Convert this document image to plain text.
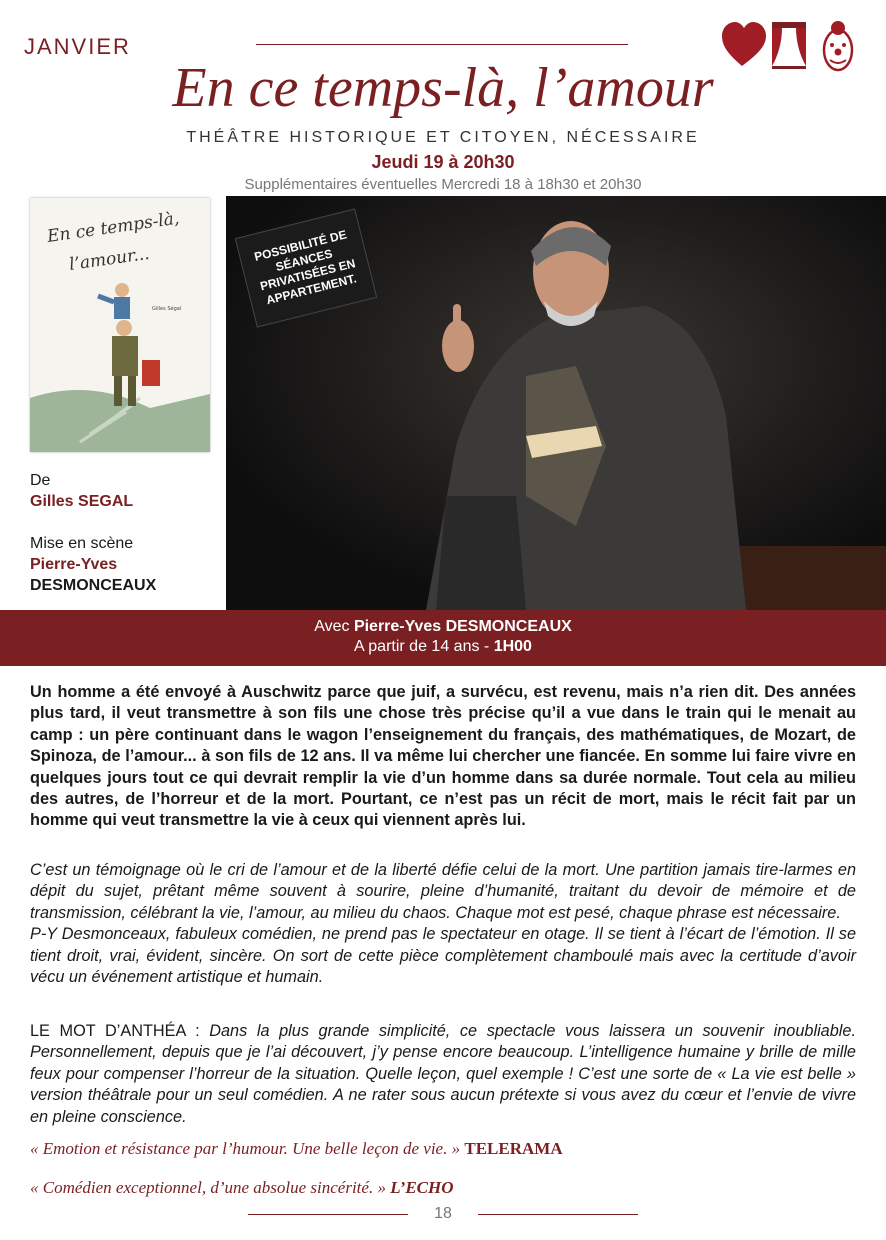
JANVIER
En ce temps-là, l’amour
THÉÂTRE HISTORIQUE ET CITOYEN, NÉCESSAIRE
Jeudi 19 à 20h30
Supplémentaires éventuelles Mercredi 18 à 18h30 et 20h30
En ce temps-là,
l’amour...
Gilles Ségal
De
Gilles SEGAL
Mise en scène
Pierre-Yves
DESMONCEAUX
POSSIBILITÉ DE SÉANCES PRIVATISÉES EN APPARTEMENT.
Avec Pierre-Yves DESMONCEAUX
A partir de 14 ans - 1H00
Un homme a été envoyé à Auschwitz parce que juif, a survécu, est revenu, mais n’a rien dit. Des années plus tard, il veut transmettre à son fils une chose très précise qu’il a vue dans le train qui le menait au camp : un père continuant dans le wagon l’enseignement du français, des mathématiques, de Mozart, de Spinoza, de l’amour... à son fils de 12 ans. Il va même lui chercher une fiancée. En somme lui faire vivre en quelques jours tout ce qui devrait remplir la vie d’un homme dans sa durée normale. Tout cela au milieu des autres, de l’horreur et de la mort. Pourtant, ce n’est pas un récit de mort, mais le récit fait par un homme qui veut transmettre la vie à ceux qui viennent après lui.
C’est un témoignage où le cri de l’amour et de la liberté défie celui de la mort. Une partition jamais tire-larmes en dépit du sujet, prêtant même souvent à sourire, pleine d’humanité, traitant du devoir de mémoire et de transmission, célébrant la vie, l’amour, au milieu du chaos. Chaque mot est pesé, chaque phrase est nécessaire.
P-Y Desmonceaux, fabuleux comédien, ne prend pas le spectateur en otage. Il se tient à l’écart de l’émotion. Il se tient droit, vrai, évident, sincère. On sort de cette pièce complètement chamboulé mais avec la certitude d’avoir vécu un événement artistique et humain.
LE MOT D’ANTHÉA : Dans la plus grande simplicité, ce spectacle vous laissera un souvenir inoubliable. Personnellement, depuis que je l’ai découvert, j’y pense encore beaucoup. L’intelligence humaine y brille de mille feux pour compenser l’horreur de la situation. Quelle leçon, quel exemple ! C’est une sorte de « La vie est belle » version théâtrale pour un seul comédien. A ne rater sous aucun prétexte si vous avez du cœur et l’envie de vivre en pleine conscience.
« Emotion et résistance par l’humour. Une belle leçon de vie. » TELERAMA
« Comédien exceptionnel, d’une absolue sincérité. » L’ECHO
18
